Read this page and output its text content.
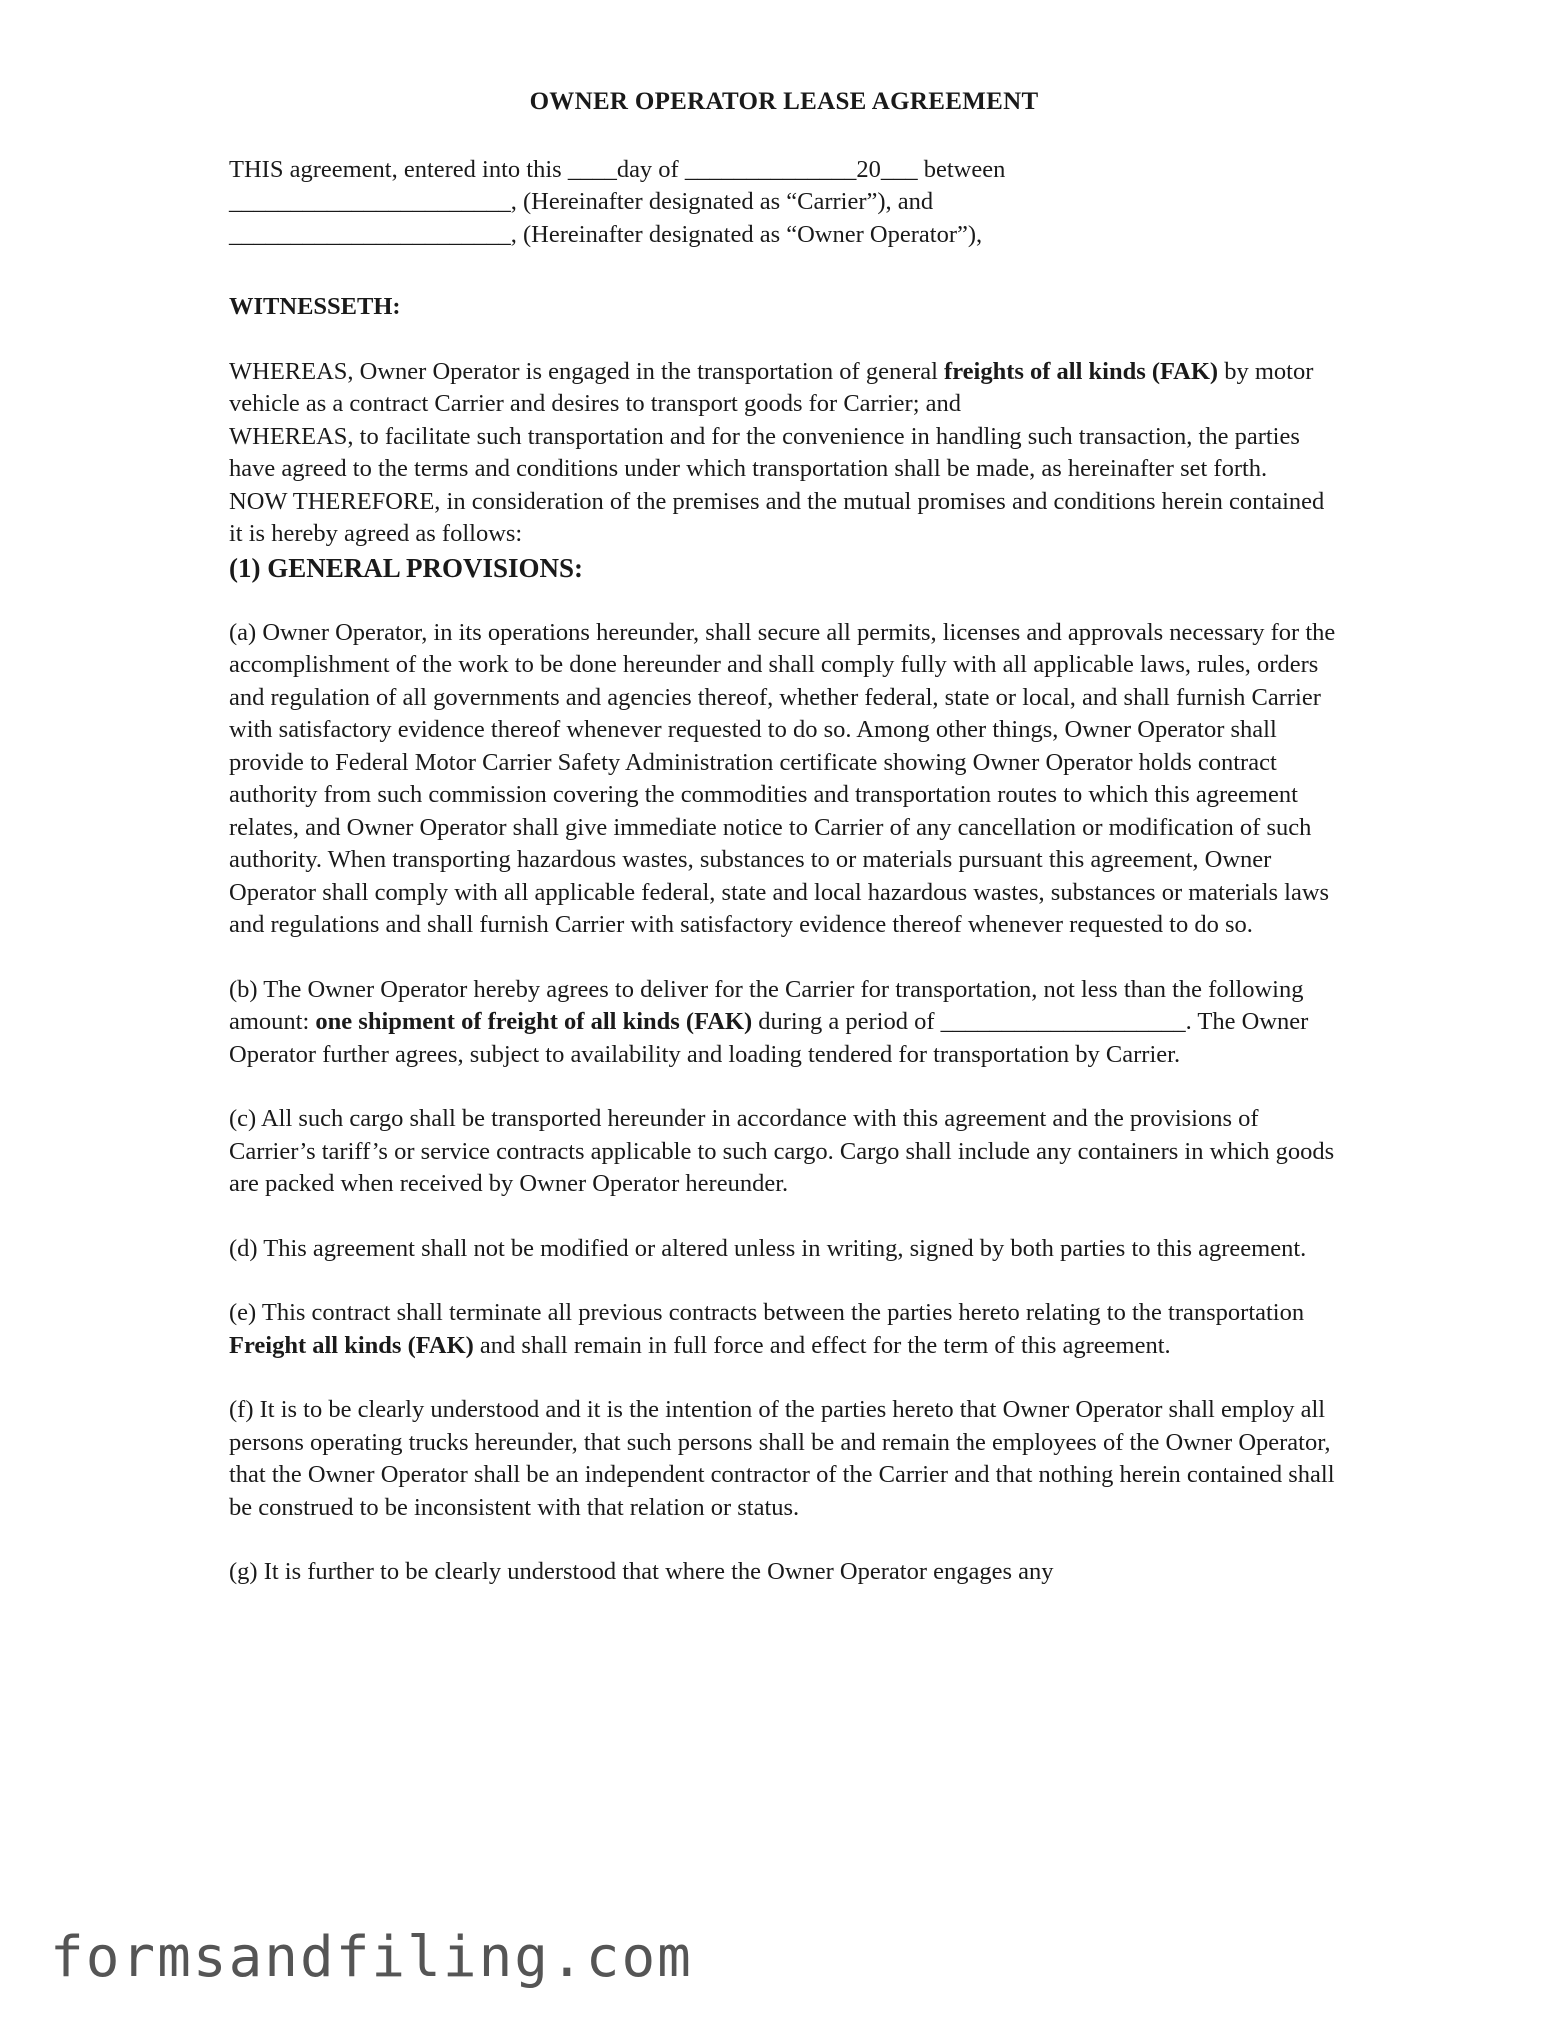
OWNER OPERATOR LEASE AGREEMENT
THIS agreement, entered into this ____day of ______________20___ between
_______________________, (Hereinafter designated as “Carrier”), and
_______________________, (Hereinafter designated as “Owner Operator”),
WITNESSETH:

WHEREAS, Owner Operator is engaged in the transportation of general freights of all kinds (FAK) by motor vehicle as a contract Carrier and desires to transport goods for Carrier; and

WHEREAS, to facilitate such transportation and for the convenience in handling such transaction, the parties have agreed to the terms and conditions under which transportation shall be made, as hereinafter set forth.

NOW THEREFORE, in consideration of the premises and the mutual promises and conditions herein contained it is hereby agreed as follows:

(1) GENERAL PROVISIONS:

(a) Owner Operator, in its operations hereunder, shall secure all permits, licenses and approvals necessary for the accomplishment of the work to be done hereunder and shall comply fully with all applicable laws, rules, orders and regulation of all governments and agencies thereof, whether federal, state or local, and shall furnish Carrier with satisfactory evidence thereof whenever requested to do so. Among other things, Owner Operator shall provide to Federal Motor Carrier Safety Administration certificate showing Owner Operator holds contract authority from such commission covering the commodities and transportation routes to which this agreement relates, and Owner Operator shall give immediate notice to Carrier of any cancellation or modification of such authority. When transporting hazardous wastes, substances to or materials pursuant this agreement, Owner Operator shall comply with all applicable federal, state and local hazardous wastes, substances or materials laws and regulations and shall furnish Carrier with satisfactory evidence thereof whenever requested to do so.

(b) The Owner Operator hereby agrees to deliver for the Carrier for transportation, not less than the following amount: one shipment of freight of all kinds (FAK) during a period of ____________________. The Owner Operator further agrees, subject to availability and loading tendered for transportation by Carrier.

(c) All such cargo shall be transported hereunder in accordance with this agreement and the provisions of Carrier’s tariff’s or service contracts applicable to such cargo. Cargo shall include any containers in which goods are packed when received by Owner Operator hereunder.

(d) This agreement shall not be modified or altered unless in writing, signed by both parties to this agreement.

(e) This contract shall terminate all previous contracts between the parties hereto relating to the transportation Freight all kinds (FAK) and shall remain in full force and effect for the term of this agreement.

(f) It is to be clearly understood and it is the intention of the parties hereto that Owner Operator shall employ all persons operating trucks hereunder, that such persons shall be and remain the employees of the Owner Operator, that the Owner Operator shall be an independent contractor of the Carrier and that nothing herein contained shall be construed to be inconsistent with that relation or status.

(g) It is further to be clearly understood that where the Owner Operator engages any

formsandfiling.com
